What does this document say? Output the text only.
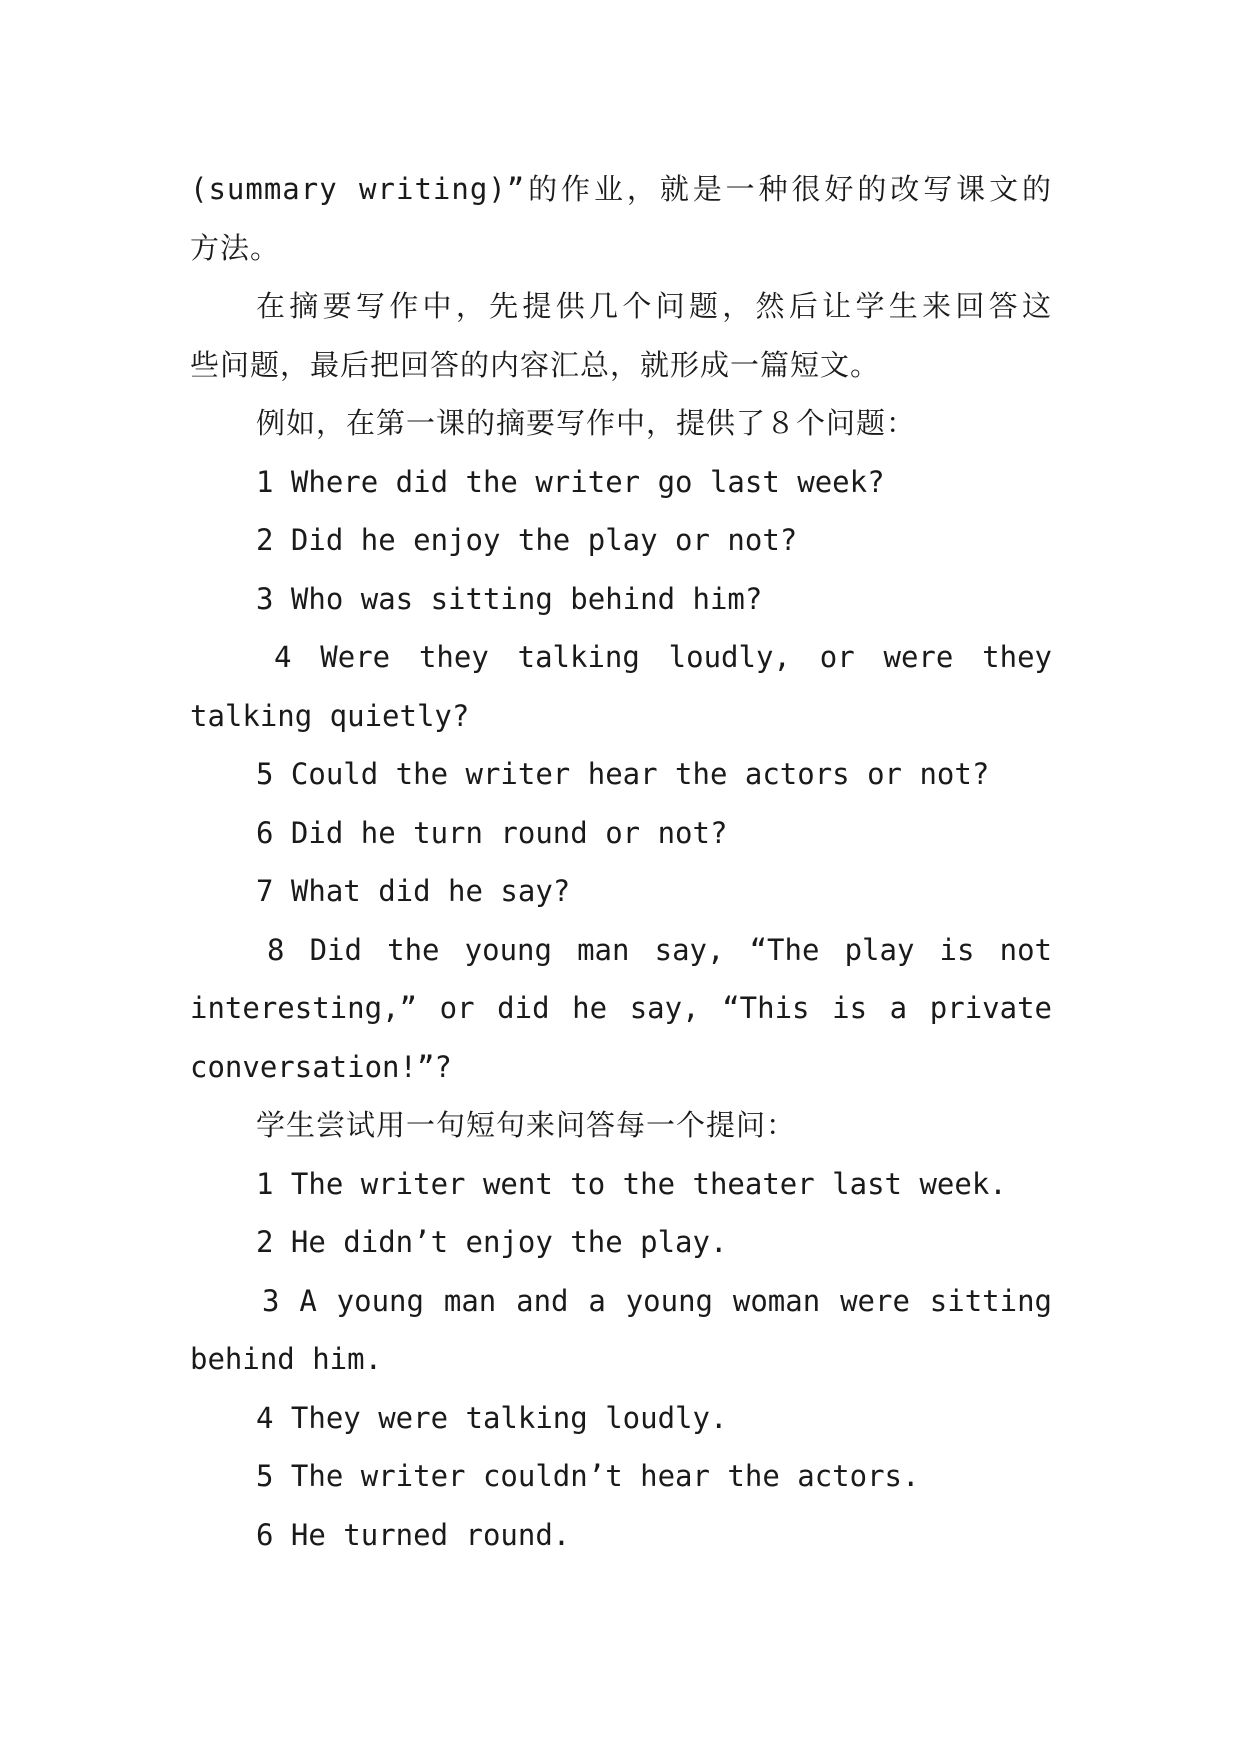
(summary writing)”的作业，就是一种很好的改写课文的
方法。
在摘要写作中，先提供几个问题，然后让学生来回答这
些问题，最后把回答的内容汇总，就形成一篇短文。
例如，在第一课的摘要写作中，提供了８个问题：
1 Where did the writer go last week?
2 Did he enjoy the play or not?
3 Who was sitting behind him?
4 Were they talking loudly, or were they
talking quietly?
5 Could the writer hear the actors or not?
6 Did he turn round or not?
7 What did he say?
8 Did the young man say, “The play is not
interesting,” or did he say, “This is a private
conversation!”?
学生尝试用一句短句来问答每一个提问：
1 The writer went to the theater last week.
2 He didn’t enjoy the play.
3 A young man and a young woman were sitting
behind him.
4 They were talking loudly.
5 The writer couldn’t hear the actors.
6 He turned round.
